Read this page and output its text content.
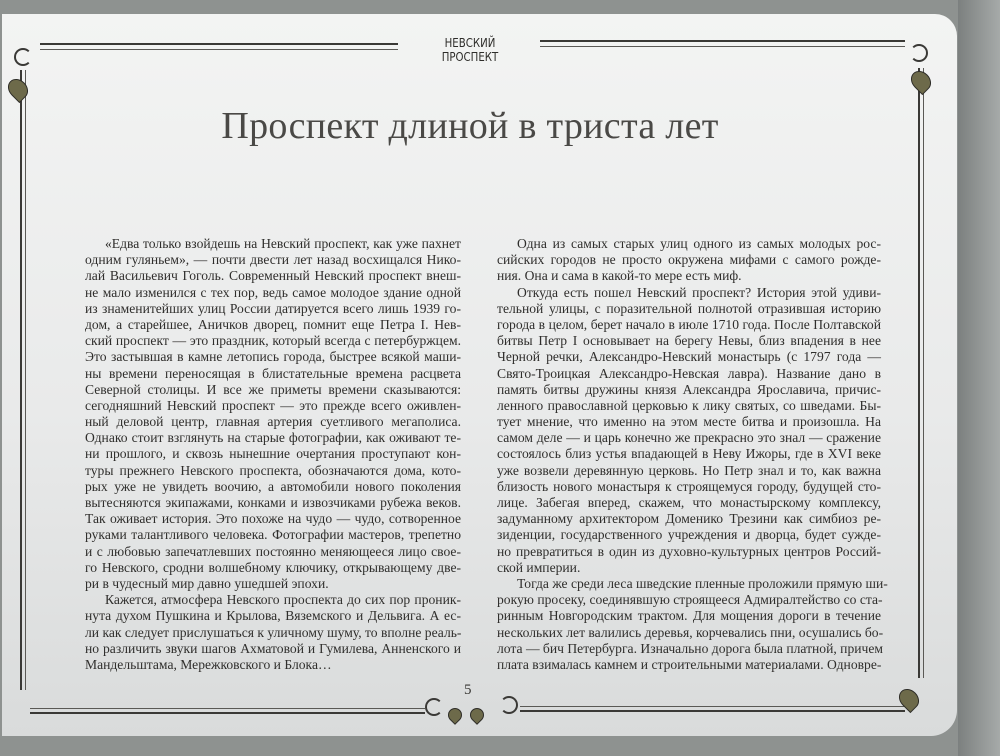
НЕВСКИЙ ПРОСПЕКТ
Проспект длиной в триста лет
«Едва только взойдешь на Невский проспект, как уже пахнет
одним гуляньем», — почти двести лет назад восхищался Нико-
лай Васильевич Гоголь. Современный Невский проспект внеш-
не мало изменился с тех пор, ведь самое молодое здание одной
из знаменитейших улиц России датируется всего лишь 1939 го-
дом, а старейшее, Аничков дворец, помнит еще Петра I. Нев-
ский проспект — это праздник, который всегда с петербуржцем.
Это застывшая в камне летопись города, быстрее всякой маши-
ны времени переносящая в блистательные времена расцвета
Северной столицы. И все же приметы времени сказываются:
сегодняшний Невский проспект — это прежде всего оживлен-
ный деловой центр, главная артерия суетливого мегаполиса.
Однако стоит взглянуть на старые фотографии, как оживают те-
ни прошлого, и сквозь нынешние очертания проступают кон-
туры прежнего Невского проспекта, обозначаются дома, кото-
рых уже не увидеть воочию, а автомобили нового поколения
вытесняются экипажами, конками и извозчиками рубежа веков.
Так оживает история. Это похоже на чудо — чудо, сотворенное
руками талантливого человека. Фотографии мастеров, трепетно
и с любовью запечатлевших постоянно меняющееся лицо свое-
го Невского, сродни волшебному ключику, открывающему две-
ри в чудесный мир давно ушедшей эпохи.
Кажется, атмосфера Невского проспекта до сих пор проник-
нута духом Пушкина и Крылова, Вяземского и Дельвига. А ес-
ли как следует прислушаться к уличному шуму, то вполне реаль-
но различить звуки шагов Ахматовой и Гумилева, Анненского и
Мандельштама, Мережковского и Блока…
Одна из самых старых улиц одного из самых молодых рос-
сийских городов не просто окружена мифами с самого рожде-
ния. Она и сама в какой-то мере есть миф.
Откуда есть пошел Невский проспект? История этой удиви-
тельной улицы, с поразительной полнотой отразившая историю
города в целом, берет начало в июле 1710 года. После Полтавской
битвы Петр I основывает на берегу Невы, близ впадения в нее
Черной речки, Александро-Невский монастырь (с 1797 года —
Свято-Троицкая Александро-Невская лавра). Название дано в
память битвы дружины князя Александра Ярославича, причис-
ленного православной церковью к лику святых, со шведами. Бы-
тует мнение, что именно на этом месте битва и произошла. На
самом деле — и царь конечно же прекрасно это знал — сражение
состоялось близ устья впадающей в Неву Ижоры, где в XVI веке
уже возвели деревянную церковь. Но Петр знал и то, как важна
близость нового монастыря к строящемуся городу, будущей сто-
лице. Забегая вперед, скажем, что монастырскому комплексу,
задуманному архитектором Доменико Трезини как симбиоз ре-
зиденции, государственного учреждения и дворца, будет сужде-
но превратиться в один из духовно-культурных центров Россий-
ской империи.
Тогда же среди леса шведские пленные проложили прямую ши-
рокую просеку, соединявшую строящееся Адмиралтейство со ста-
ринным Новгородским трактом. Для мощения дороги в течение
нескольких лет валились деревья, корчевались пни, осушались бо-
лота — бич Петербурга. Изначально дорога была платной, причем
плата взималась камнем и строительными материалами. Одновре-
5
